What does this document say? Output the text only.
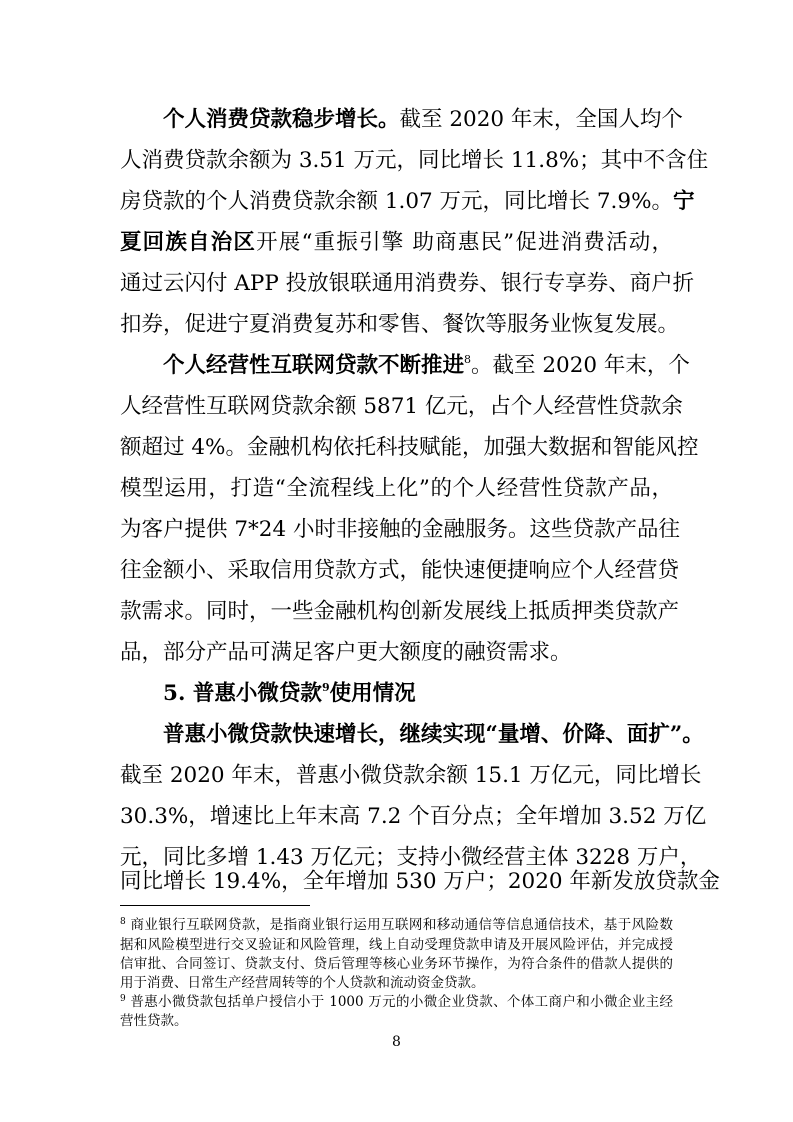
个人消费贷款稳步增长。截至 2020 年末，全国人均个
人消费贷款余额为 3.51 万元，同比增长 11.8%；其中不含住
房贷款的个人消费贷款余额 1.07 万元，同比增长 7.9%。宁
夏回族自治区开展“重振引擎 助商惠民”促进消费活动，
通过云闪付 APP 投放银联通用消费券、银行专享券、商户折
扣券，促进宁夏消费复苏和零售、餐饮等服务业恢复发展。
个人经营性互联网贷款不断推进$^8$。截至 2020 年末，个
人经营性互联网贷款余额 5871 亿元，占个人经营性贷款余
额超过 4%。金融机构依托科技赋能，加强大数据和智能风控
模型运用，打造“全流程线上化”的个人经营性贷款产品，
为客户提供 7*24 小时非接触的金融服务。这些贷款产品往
往金额小、采取信用贷款方式，能快速便捷响应个人经营贷
款需求。同时，一些金融机构创新发展线上抵质押类贷款产
品，部分产品可满足客户更大额度的融资需求。
5. 普惠小微贷款$^9$使用情况
普惠小微贷款快速增长，继续实现“量增、价降、面扩”。
截至 2020 年末，普惠小微贷款余额 15.1 万亿元，同比增长
30.3%，增速比上年末高 7.2 个百分点；全年增加 3.52 万亿
元，同比多增 1.43 万亿元；支持小微经营主体 3228 万户，
同比增长 19.4%，全年增加 530 万户；2020 年新发放贷款金
$^8$ 商业银行互联网贷款，是指商业银行运用互联网和移动通信等信息通信技术，基于风险数
据和风险模型进行交叉验证和风险管理，线上自动受理贷款申请及开展风险评估，并完成授
信审批、合同签订、贷款支付、贷后管理等核心业务环节操作，为符合条件的借款人提供的
用于消费、日常生产经营周转等的个人贷款和流动资金贷款。
$^9$ 普惠小微贷款包括单户授信小于 1000 万元的小微企业贷款、个体工商户和小微企业主经
营性贷款。
8
